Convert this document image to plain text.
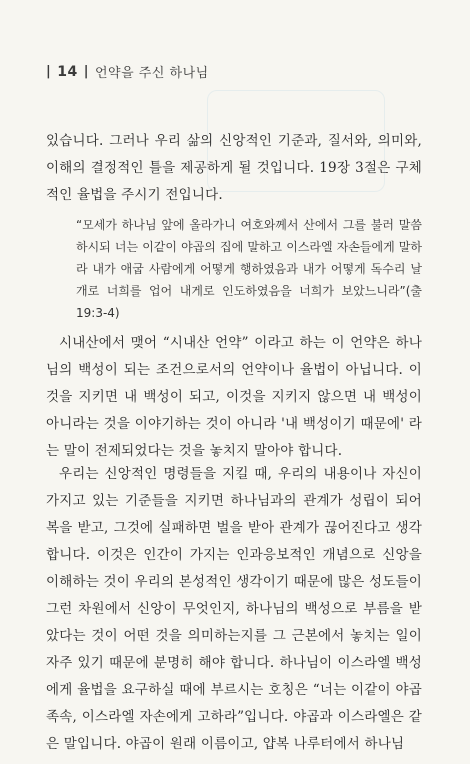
| 14 | 언약을 주신 하나님

있습니다. 그러나 우리 삶의 신앙적인 기준과, 질서와, 의미와, 이해의 결정적인 틀을 제공하게 될 것입니다. 19장 3절은 구체적인 율법을 주시기 전입니다.

“모세가 하나님 앞에 올라가니 여호와께서 산에서 그를 불러 말씀하시되 너는 이같이 야곱의 집에 말하고 이스라엘 자손들에게 말하라 내가 애굽 사람에게 어떻게 행하였음과 내가 어떻게 독수리 날개로 너희를 업어 내게로 인도하였음을 너희가 보았느니라”(출 19:3-4)

시내산에서 맺어 “시내산 언약” 이라고 하는 이 언약은 하나님의 백성이 되는 조건으로서의 언약이나 율법이 아닙니다. 이것을 지키면 내 백성이 되고, 이것을 지키지 않으면 내 백성이 아니라는 것을 이야기하는 것이 아니라 '내 백성이기 때문에' 라는 말이 전제되었다는 것을 놓치지 말아야 합니다.

우리는 신앙적인 명령들을 지킬 때, 우리의 내용이나 자신이 가지고 있는 기준들을 지키면 하나님과의 관계가 성립이 되어 복을 받고, 그것에 실패하면 벌을 받아 관계가 끊어진다고 생각합니다. 이것은 인간이 가지는 인과응보적인 개념으로 신앙을 이해하는 것이 우리의 본성적인 생각이기 때문에 많은 성도들이 그런 차원에서 신앙이 무엇인지, 하나님의 백성으로 부름을 받았다는 것이 어떤 것을 의미하는지를 그 근본에서 놓치는 일이 자주 있기 때문에 분명히 해야 합니다. 하나님이 이스라엘 백성에게 율법을 요구하실 때에 부르시는 호칭은 “너는 이같이 야곱 족속, 이스라엘 자손에게 고하라”입니다. 야곱과 이스라엘은 같은 말입니다. 야곱이 원래 이름이고, 얍복 나루터에서 하나님
